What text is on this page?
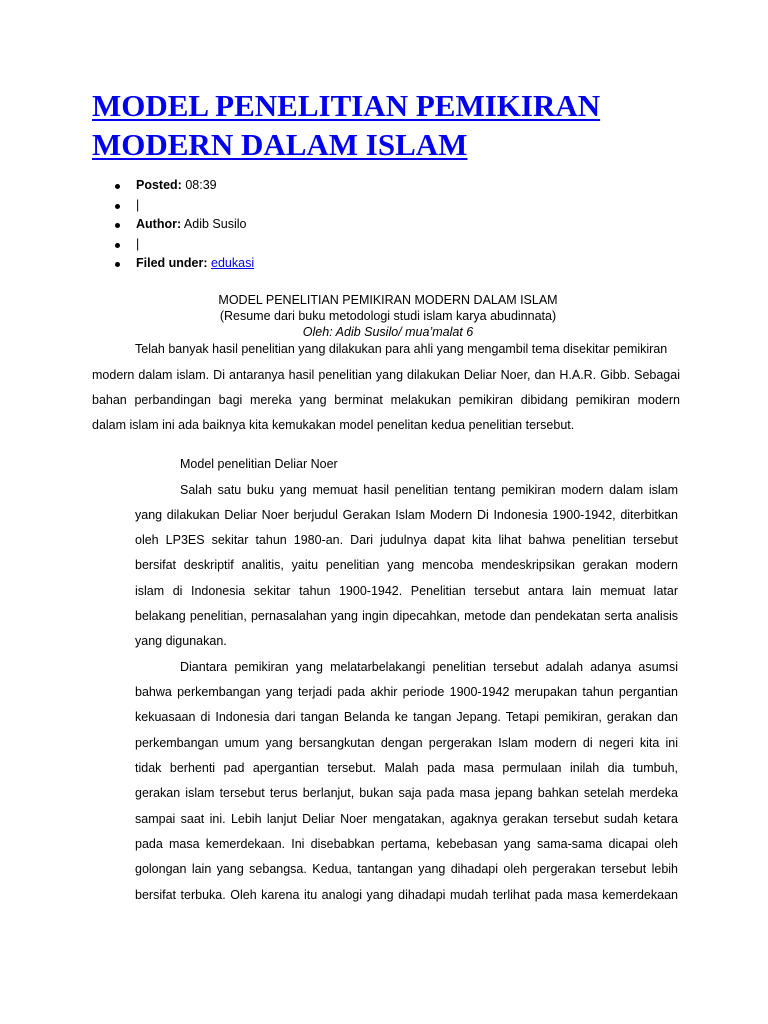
MODEL PENELITIAN PEMIKIRAN MODERN DALAM ISLAM
Posted: 08:39
|
Author: Adib Susilo
|
Filed under: edukasi

MODEL PENELITIAN PEMIKIRAN MODERN DALAM ISLAM

(Resume dari buku metodologi studi islam karya abudinnata)

Oleh: Adib Susilo/ mua’malat 6

Telah banyak hasil penelitian yang dilakukan para ahli yang mengambil tema disekitar pemikiran

modern dalam islam. Di antaranya hasil penelitian yang dilakukan Deliar Noer, dan H.A.R. Gibb. Sebagai

bahan perbandingan bagi mereka yang berminat melakukan pemikiran dibidang pemikiran modern

dalam islam ini ada baiknya kita kemukakan model penelitan kedua penelitian tersebut.

Model penelitian Deliar Noer

Salah satu buku yang memuat hasil penelitian tentang pemikiran modern dalam islam

yang dilakukan Deliar Noer berjudul Gerakan Islam Modern Di Indonesia 1900-1942, diterbitkan

oleh LP3ES sekitar tahun 1980-an. Dari judulnya dapat kita lihat bahwa penelitian tersebut

bersifat deskriptif analitis, yaitu penelitian yang mencoba mendeskripsikan gerakan modern

islam di Indonesia sekitar tahun 1900-1942. Penelitian tersebut antara lain memuat latar

belakang penelitian, pernasalahan yang ingin dipecahkan, metode dan pendekatan serta analisis

yang digunakan.

Diantara pemikiran yang melatarbelakangi penelitian tersebut adalah adanya asumsi

bahwa perkembangan yang terjadi pada akhir periode 1900-1942 merupakan tahun pergantian

kekuasaan di Indonesia dari tangan Belanda ke tangan Jepang. Tetapi pemikiran, gerakan dan

perkembangan umum yang bersangkutan dengan pergerakan Islam modern di negeri kita ini

tidak berhenti pad apergantian tersebut. Malah pada masa permulaan inilah dia tumbuh,

gerakan islam tersebut terus berlanjut, bukan saja pada masa jepang bahkan setelah merdeka

sampai saat ini. Lebih lanjut Deliar Noer mengatakan, agaknya gerakan tersebut sudah ketara

pada masa kemerdekaan. Ini disebabkan pertama, kebebasan yang sama-sama dicapai oleh

golongan lain yang sebangsa. Kedua, tantangan yang dihadapi oleh pergerakan tersebut lebih

bersifat terbuka. Oleh karena itu analogi yang dihadapi mudah terlihat pada masa kemerdekaan
